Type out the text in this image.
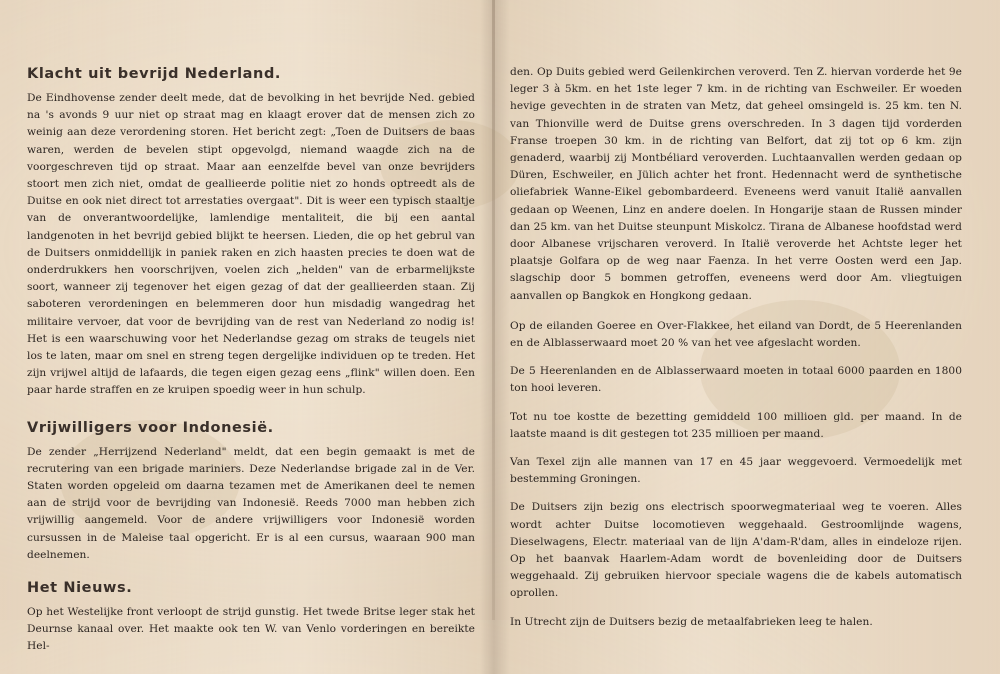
Klacht uit bevrijd Nederland.

De Eindhovense zender deelt mede, dat de bevolking in het bevrijde Ned. gebied na 's avonds 9 uur niet op straat mag en klaagt erover dat de mensen zich zo weinig aan deze verordening storen. Het bericht zegt: „Toen de Duitsers de baas waren, werden de bevelen stipt opgevolgd, niemand waagde zich na de voorgeschreven tijd op straat. Maar aan eenzelfde bevel van onze bevrijders stoort men zich niet, omdat de geallieerde politie niet zo honds optreedt als de Duitse en ook niet direct tot arrestaties overgaat". Dit is weer een typisch staaltje van de onverantwoordelijke, lamlendige mentaliteit, die bij een aantal landgenoten in het bevrijd gebied blijkt te heersen. Lieden, die op het gebrul van de Duitsers onmiddellijk in paniek raken en zich haasten precies te doen wat de onderdrukkers hen voorschrijven, voelen zich „helden" van de erbarmelijkste soort, wanneer zij tegenover het eigen gezag of dat der geallieerden staan. Zij saboteren verordeningen en belemmeren door hun misdadig wangedrag het militaire vervoer, dat voor de bevrijding van de rest van Nederland zo nodig is! Het is een waarschuwing voor het Nederlandse gezag om straks de teugels niet los te laten, maar om snel en streng tegen dergelijke individuen op te treden. Het zijn vrijwel altijd de lafaards, die tegen eigen gezag eens „flink" willen doen. Een paar harde straffen en ze kruipen spoedig weer in hun schulp.

Vrijwilligers voor Indonesië.

De zender „Herrijzend Nederland" meldt, dat een begin gemaakt is met de recrutering van een brigade mariniers. Deze Nederlandse brigade zal in de Ver. Staten worden opgeleid om daarna tezamen met de Amerikanen deel te nemen aan de strijd voor de bevrijding van Indonesië. Reeds 7000 man hebben zich vrijwillig aangemeld. Voor de andere vrijwilligers voor Indonesië worden cursussen in de Maleise taal opgericht. Er is al een cursus, waaraan 900 man deelnemen.

Het Nieuws.

Op het Westelijke front verloopt de strijd gunstig. Het twede Britse leger stak het Deurnse kanaal over. Het maakte ook ten W. van Venlo vorderingen en bereikte Hel-

den. Op Duits gebied werd Geilenkirchen veroverd. Ten Z. hiervan vorderde het 9e leger 3 à 5km. en het 1ste leger 7 km. in de richting van Eschweiler. Er woeden hevige gevechten in de straten van Metz, dat geheel omsingeld is. 25 km. ten N. van Thionville werd de Duitse grens overschreden. In 3 dagen tijd vorderden Franse troepen 30 km. in de richting van Belfort, dat zij tot op 6 km. zijn genaderd, waarbij zij Montbéliard veroverden. Luchtaanvallen werden gedaan op Düren, Eschweiler, en Jülich achter het front. Hedennacht werd de synthetische oliefabriek Wanne-Eikel gebombardeerd. Eveneens werd vanuit Italië aanvallen gedaan op Weenen, Linz en andere doelen. In Hongarije staan de Russen minder dan 25 km. van het Duitse steunpunt Miskolcz. Tirana de Albanese hoofdstad werd door Albanese vrijscharen veroverd. In Italië veroverde het Achtste leger het plaatsje Golfara op de weg naar Faenza. In het verre Oosten werd een Jap. slagschip door 5 bommen getroffen, eveneens werd door Am. vliegtuigen aanvallen op Bangkok en Hongkong gedaan.

Op de eilanden Goeree en Over-Flakkee, het eiland van Dordt, de 5 Heerenlanden en de Alblasserwaard moet 20 % van het vee afgeslacht worden.

De 5 Heerenlanden en de Alblasserwaard moeten in totaal 6000 paarden en 1800 ton hooi leveren.

Tot nu toe kostte de bezetting gemiddeld 100 millioen gld. per maand. In de laatste maand is dit gestegen tot 235 millioen per maand.

Van Texel zijn alle mannen van 17 en 45 jaar weggevoerd. Vermoedelijk met bestemming Groningen.

De Duitsers zijn bezig ons electrisch spoorwegmateriaal weg te voeren. Alles wordt achter Duitse locomotieven weggehaald. Gestroomlijnde wagens, Dieselwagens, Electr. materiaal van de lijn A'dam-R'dam, alles in eindeloze rijen. Op het baanvak Haarlem-Adam wordt de bovenleiding door de Duitsers weggehaald. Zij gebruiken hiervoor speciale wagens die de kabels automatisch oprollen.

In Utrecht zijn de Duitsers bezig de metaalfabrieken leeg te halen.
